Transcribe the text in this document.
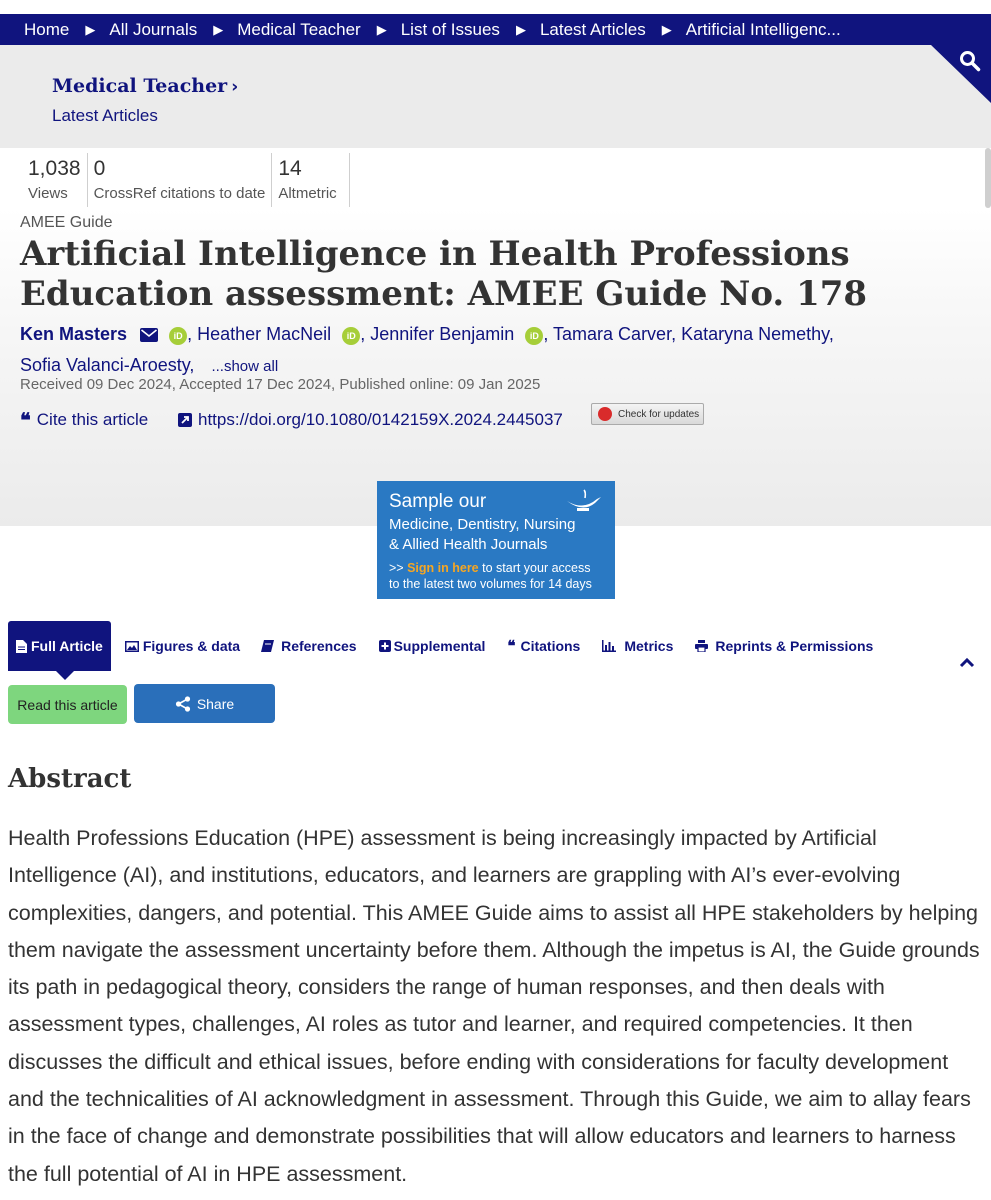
Home ▶ All Journals ▶ Medical Teacher ▶ List of Issues ▶ Latest Articles ▶ Artificial Intelligenc...
Medical Teacher ›
Latest Articles
1,038
Views
0
CrossRef citations to date
14
Altmetric
AMEE Guide
Artificial Intelligence in Health Professions Education assessment: AMEE Guide No. 178
Ken Masters	iD , Heather MacNeil iD , Jennifer Benjamin iD , Tamara Carver, Kataryna Nemethy,
Sofia Valanci-Aroesty, ...show all
Received 09 Dec 2024, Accepted 17 Dec 2024, Published online: 09 Jan 2025
❝ Cite this article	https://doi.org/10.1080/0142159X.2024.2445037	Check for updates
Sample our
Medicine, Dentistry, Nursing
& Allied Health Journals
>> Sign in here to start your access
to the latest two volumes for 14 days
Full Article	Figures & data	References	Supplemental ❝ Citations	Metrics	Reprints & Permissions
Read this article	Share
Abstract

Health Professions Education (HPE) assessment is being increasingly impacted by Artificial Intelligence (AI), and institutions, educators, and learners are grappling with AI’s ever-evolving complexities, dangers, and potential. This AMEE Guide aims to assist all HPE stakeholders by helping them navigate the assessment uncertainty before them. Although the impetus is AI, the Guide grounds its path in pedagogical theory, considers the range of human responses, and then deals with assessment types, challenges, AI roles as tutor and learner, and required competencies. It then discusses the difficult and ethical issues, before ending with considerations for faculty development and the technicalities of AI acknowledgment in assessment. Through this Guide, we aim to allay fears in the face of change and demonstrate possibilities that will allow educators and learners to harness the full potential of AI in HPE assessment.
